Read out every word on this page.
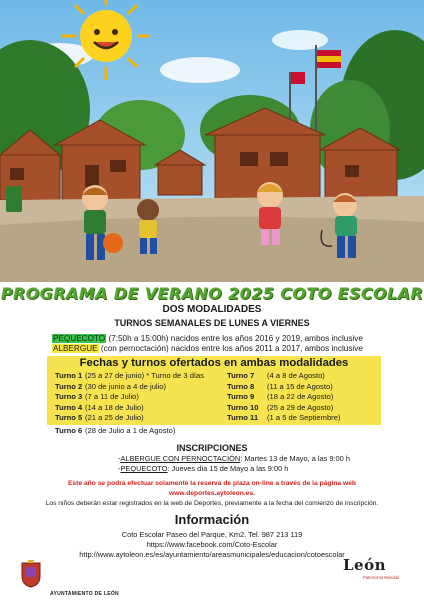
PROGRAMA DE VERANO 2025 COTO ESCOLAR
DOS MODALIDADES
TURNOS SEMANALES DE LUNES A VIERNES
PEQUECOTO (7:50h a 15:00h) nacidos entre los años 2016 y 2019, ambos inclusive
ALBERGUE (con pernoctación) nacidos entre los años 2011 a 2017, ambos inclusive
Fechas y turnos ofertados en ambas modalidades
Turno 1 (25 a 27 de junio) * Turno de 3 días
Turno 2 (30 de junio a 4 de julio)
Turno 3 (7 a 11 de Julio)
Turno 4 (14 a 18 de Julio)
Turno 5 (21 a 25 de Julio)
Turno 7 (4 a 8 de Agosto)
Turno 8 (11 a 15 de Agosto)
Turno 9 (18 a 22 de Agosto)
Turno 10 (25 a 29 de Agosto)
Turno 11 (1 a 5 de Septiembre)
Turno 6 (28 de Julio a 1 de Agosto)
INSCRIPCIONES
-ALBERGUE CON PERNOCTACIÓN: Martes 13 de Mayo, a las 9:00 h
-PEQUECOTO: Jueves día 15 de Mayo a las 9:00 h
Este año se podrá efectuar solamente la reserva de plaza on-line a través de la página web
www.deportes.aytoleon.es.
Los niños deberán estar registrados en la web de Deportes, previamente a la fecha del comienzo de inscripción.
Información
Coto Escolar Paseo del Parque, Km2. Tel. 987 213 119
https://www.facebook.com/Coto-Escolar
http://www.aytoleon.es/es/ayuntamiento/areasmunicipales/educacion/cotoescolar
AYUNTAMIENTO DE LEÓN
León
Patrimonio Mundial
